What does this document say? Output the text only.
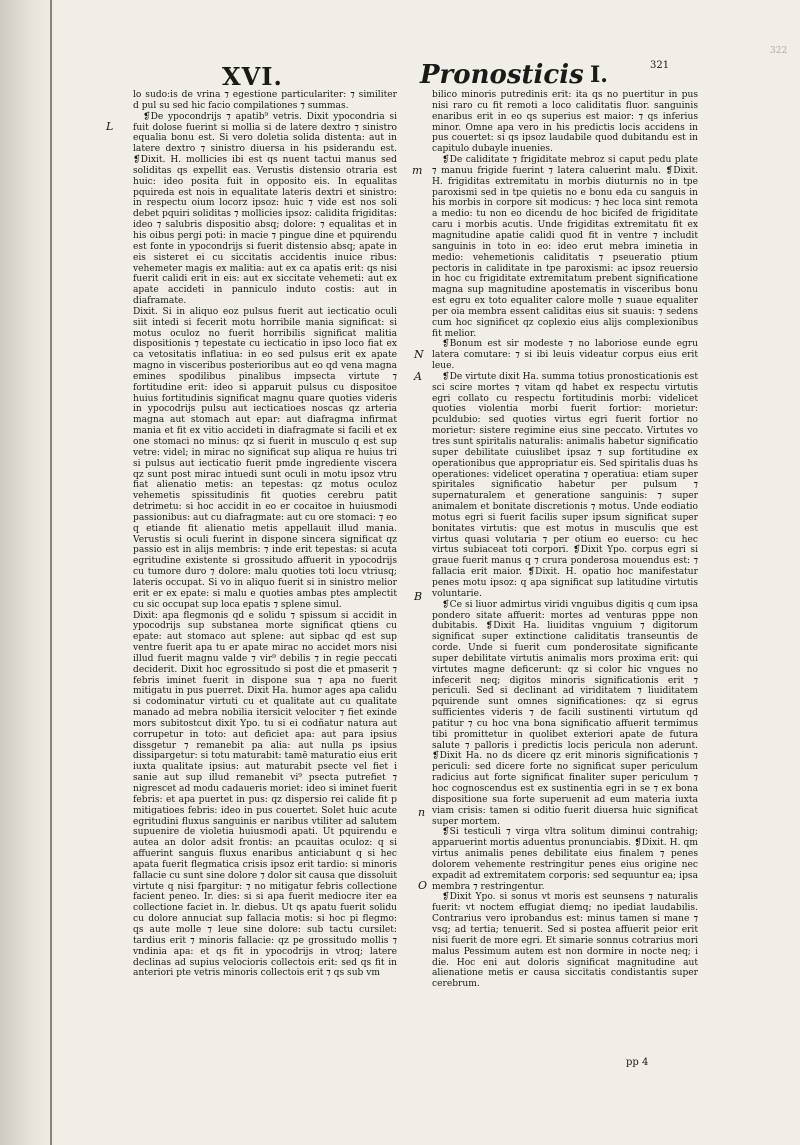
322
XVI.	Pronosticis I.	321
L
m
N
A
B
n
O

lo sudo:is de vrina ⁊ egestione particulariter: ⁊ similiter d pul su sed hic facio compilationes ⁊ summas.

❡De ypocondrijs ⁊ apatib⁹ vetris. Dixit ypocondria si fuit dolose fuerint si mollia si de latere dextro ⁊ sinistro equalia bonu est. Si vero doletia solida distenta: aut in latere dextro ⁊ sinistro diuersa in his psiderandu est. ❡Dixit. H. mollicies ibi est qs nuent tactui manus sed soliditas qs expellit eas. Verustis distensio otraria est huic: ideo posita fuit in opposito eis. In equalitas pquireda est nois in equalitate lateris dextri et sinistro: in respectu oium locorz ipsoz: huic ⁊ vide est nos soli debet pquiri soliditas ⁊ mollicies ipsoz: calidita frigiditas: ideo ⁊ salubris dispositio absq; dolore: ⁊ equalitas et in his oibus pergi poti: in macie ⁊ pingue dine et pquirendu est fonte in ypocondrijs si fuerit distensio absq; apate in eis sisteret ei cu siccitatis accidentis inuice ribus: vehemeter magis ex malitia: aut ex ca apatis erit: qs nisi fuerit calidi erit in eis: aut ex siccitate vehemeti: aut ex apate accideti in panniculo induto costis: aut in diaframate.

Dixit. Si in aliquo eoz pulsus fuerit aut iecticatio oculi siit intedi si fecerit motu horribile mania significat: si motus oculoz no fuerit horribilis significat malitia dispositionis ⁊ tepestate cu iecticatio in ipso loco fiat ex ca vetositatis inflatiua: in eo sed pulsus erit ex apate magno in visceribus posterioribus aut eo qd vena magna emines spodilibus pinalibus impsecta virtute ⁊ fortitudine erit: ideo si apparuit pulsus cu dispositoe huius fortitudinis significat magnu quare quoties videris in ypocodrijs pulsu aut iecticatioes noscas qz arteria magna aut stomach aut epar: aut diafragma infirmat mania et fit ex vitio accideti in diafragmate si facili et ex one stomaci no minus: qz si fuerit in musculo q est sup vetre: videl; in mirac no significat sup aliqua re huius tri si pulsus aut iecticatio fuerit pmde ingrediente viscera qz sunt post mirac intuedi sunt oculi in motu ipsoz vtru fiat alienatio metis: an tepestas: qz motus oculoz vehemetis spissitudinis fit quoties cerebru patit detrimetu: si hoc accidit in eo er cocaitoe in huiusmodi passionibus: aut cu diafragmate: aut cu ore stomaci: ⁊ eo q etiande fit alienatio metis appellauit illud mania. Verustis si oculi fuerint in dispone sincera significat qz passio est in alijs membris: ⁊ inde erit tepestas: si acuta egritudine existente si grossitudo affuerit in ypocodrijs cu tumore duro ⁊ dolore: malu quoties toti locu vtriusq; lateris occupat. Si vo in aliquo fuerit si in sinistro melior erit er ex epate: si malu e quoties ambas ptes amplectit cu sic occupat sup loca epatis ⁊ splene simul.

Dixit: apa flegmonis qd e solidu ⁊ spissum si accidit in ypocodrijs sup substanea morte significat qtiens cu epate: aut stomaco aut splene: aut sipbac qd est sup ventre fuerit apa tu er apate mirac no accidet mors nisi illud fuerit magnu valde ⁊ vir⁹ debilis ⁊ in regie peccati deciderit. Dixit hoc egrossitudo si post die et pmaserit ⁊ febris iminet fuerit in dispone sua ⁊ apa no fuerit mitigatu in pus puerret. Dixit Ha. humor ages apa calidu si codominatur virtuti cu et qualitate aut cu qualitate manado ad mebra nobilia itersicit velociter ⁊ fiet exinde mors subitostcut dixit Ypo. tu si ei codñatur natura aut corrupetur in toto: aut deficiet apa: aut para ipsius dissgetur ⁊ remanebit pa alia: aut nulla ps ipsius dissipargetur: si totu maturabit: tamē maturatio eius erit iuxta qualitate ipsius: aut maturabit psecte vel fiet i sanie aut sup illud remanebit vi⁹ psecta putrefiet ⁊ nigrescet ad modu cadaueris moriet: ideo si iminet fuerit febris: et apa puertet in pus: qz dispersio rei calide fit p mitigatioes febris: ideo in pus couertet. Solet huic acute egritudini fluxus sanguinis er naribus vtiliter ad salutem supuenire de violetia huiusmodi apati. Ut pquirendu e autea an dolor adsit frontis: an pcauitas oculoz: q si affuerint sanguis fluxus enaribus anticiabunt q si hec apata fuerit flegmatica crisis ipsoz erit tardio: si minoris fallacie cu sunt sine dolore ⁊ dolor sit causa que dissoluit virtute q nisi fpargitur: ⁊ no mitigatur febris collectione facient peneo. Ir. dies: si si apa fuerit mediocre iter ea collectione faciet in. lr. diebus. Ut qs apatu fuerit solidu cu dolore annuciat sup fallacia motis: si hoc pi flegmo: qs aute molle ⁊ leue sine dolore: sub tactu cursilet: tardius erit ⁊ minoris fallacie: qz pe grossitudo mollis ⁊ vndinia apa: et qs fit in ypocodrijs in vtroq; latere declinas ad supius velocioris collectois erit: sed qs fit in anteriori pte vetris minoris collectois erit ⁊ qs sub vm

bilico minoris putredinis erit: ita qs no puertitur in pus nisi raro cu fit remoti a loco caliditatis fluor. sanguinis enaribus erit in eo qs superius est maior: ⁊ qs inferius minor. Omne apa vero in his predictis locis accidens in pus couertet: si qs ipsoz laudabile quod dubitandu est in capitulo dubayle inuenies.

❡De caliditate ⁊ frigiditate mebroz si caput pedu plate ⁊ manuu frigide fuerint ⁊ latera caluerint malu. ❡Dixit. H. frigiditas extremitatu in morbis diuturnis no in tpe paroxismi sed in tpe quietis no e bonu eda cu sanguis in his morbis in corpore sit modicus: ⁊ hec loca sint remota a medio: tu non eo dicendu de hoc bicifed de frigiditate caru i morbis acutis. Unde frigiditas extremitatu fit ex magnitudine apatie calidi quod fit in ventre ⁊ includit sanguinis in toto in eo: ideo erut mebra iminetia in medio: vehemetionis caliditatis ⁊ pseueratio ptium pectoris in caliditate in tpe paroxismi: ac ipsoz reuersio in hoc cu frigiditate extremitatum prebent significatione magna sup magnitudine apostematis in visceribus bonu est egru ex toto equaliter calore molle ⁊ suaue equaliter per oia membra essent caliditas eius sit suauis: ⁊ sedens cum hoc significet qz coplexio eius alijs complexionibus fit melior.

❡Bonum est sir modeste ⁊ no laboriose eunde egru latera comutare: ⁊ si ibi leuis videatur corpus eius erit leue.

❡De virtute dixit Ha. summa totius pronosticationis est sci scire mortes ⁊ vitam qd habet ex respectu virtutis egri collato cu respectu fortitudinis morbi: videlicet quoties violentia morbi fuerit fortior: morietur: pculdubio: sed quoties virtus egri fuerit fortior no morietur: sistere regimine eius sine peccato. Virtutes vo tres sunt spiritalis naturalis: animalis habetur significatio super debilitate cuiuslibet ipsaz ⁊ sup fortitudine ex operationibus que appropriatur eis. Sed spiritalis duas hs operationes: videlicet operatina ⁊ operatiua: etiam super spiritales significatio habetur per pulsum ⁊ supernaturalem et generatione sanguinis: ⁊ super animalem et bonitate discretionis ⁊ motus. Unde eodiatio motus egri si fuerit facilis super ipsum significat super bonitates virtutis: que est motus in musculis que est virtus quasi volutaria ⁊ per otium eo euerso: cu hec virtus subiaceat toti corpori. ❡Dixit Ypo. corpus egri si graue fuerit manus q ⁊ crura ponderosa mouendus est: ⁊ fallacia erit maior. ❡Dixit. H. opatio hoc manifestatur penes motu ipsoz: q apa significat sup latitudine virtutis voluntarie.

❡Ce si liuor admirtus viridi vnguibus digitis q cum ipsa pondero sitate affuerit: mortes ad venturas pppe non dubitabis. ❡Dixit Ha. liuiditas vnguium ⁊ digitorum significat super extinctione caliditatis transeuntis de corde. Unde si fuerit cum ponderositate significante super debilitate virtutis animalis mors proxima erit: qui virtutes magne deficerunt: qz si color hic vngues no infecerit neq; digitos minoris significationis erit ⁊ periculi. Sed si declinant ad viriditatem ⁊ liuiditatem pquirende sunt omnes significationes: qz si egrus sufficientes videris ⁊ de facili sustinenti virtutum qd patitur ⁊ cu hoc vna bona significatio affuerit termimus tibi promittetur in quolibet exteriori apate de futura salute ⁊ palloris i predictis locis pericula non aderunt. ❡Dixit Ha. no ds dicere qz erit minoris significationis ⁊ periculi: sed dicere forte no significat super periculum radicius aut forte significat finaliter super periculum ⁊ hoc cognoscendus est ex sustinentia egri in se ⁊ ex bona dispositione sua forte superuenit ad eum materia iuxta viam crisis: tamen si oditio fuerit diuersa huic significat super mortem.

❡Si testiculi ⁊ virga vltra solitum diminui contrahig; apparuerint mortis aduentus pronunciabis. ❡Dixit. H. qm virtus animalis penes debilitate eius finalem ⁊ penes dolorem vehemente restringitur penes eius origine nec expadit ad extremitatem corporis: sed sequuntur ea; ipsa membra ⁊ restringentur.

❡Dixit Ypo. si sonus vt moris est seunsens ⁊ naturalis fuerit: vt noctem effugiat diemq; no ipediat laudabilis. Contrarius vero iprobandus est: minus tamen si mane ⁊ vsq; ad tertia; tenuerit. Sed si postea affuerit peior erit nisi fuerit de more egri. Et simarie sonnus cotrarius mori malus Pessimum autem est non dormire in nocte neq; i die. Hoc eni aut doloris significat magnitudine aut alienatione metis er causa siccitatis condistantis super cerebrum.

pp 4
